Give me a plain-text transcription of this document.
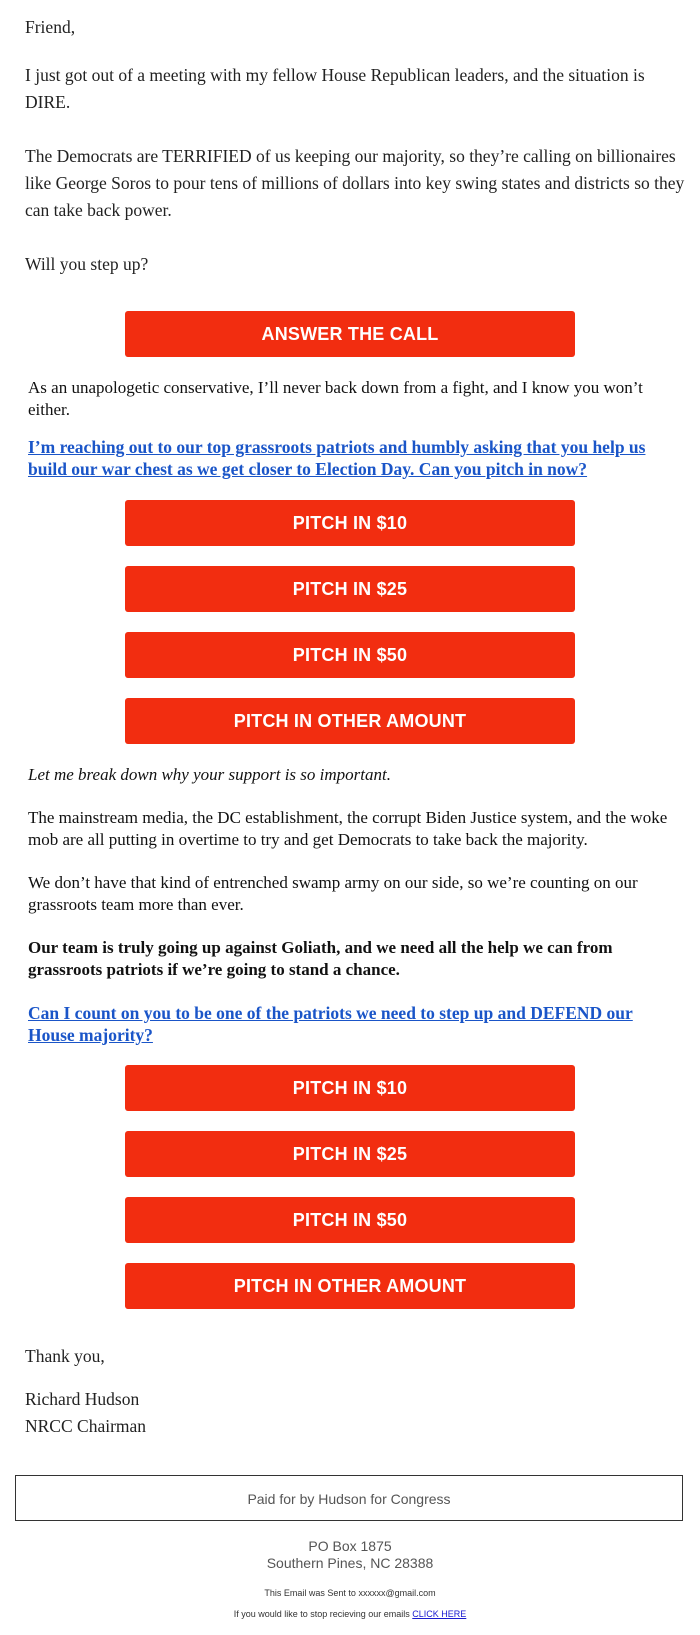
Friend,

I just got out of a meeting with my fellow House Republican leaders, and the situation is DIRE.

The Democrats are TERRIFIED of us keeping our majority, so they’re calling on billionaires like George Soros to pour tens of millions of dollars into key swing states and districts so they can take back power.

Will you step up?

ANSWER THE CALL

As an unapologetic conservative, I’ll never back down from a fight, and I know you won’t either.

I’m reaching out to our top grassroots patriots and humbly asking that you help us build our war chest as we get closer to Election Day. Can you pitch in now?

PITCH IN $10
PITCH IN $25
PITCH IN $50
PITCH IN OTHER AMOUNT

Let me break down why your support is so important.

The mainstream media, the DC establishment, the corrupt Biden Justice system, and the woke mob are all putting in overtime to try and get Democrats to take back the majority.

We don’t have that kind of entrenched swamp army on our side, so we’re counting on our grassroots team more than ever.

Our team is truly going up against Goliath, and we need all the help we can from grassroots patriots if we’re going to stand a chance.

Can I count on you to be one of the patriots we need to step up and DEFEND our House majority?

PITCH IN $10
PITCH IN $25
PITCH IN $50
PITCH IN OTHER AMOUNT

Thank you,

Richard Hudson

NRCC Chairman

Paid for by Hudson for Congress
PO Box 1875
Southern Pines, NC 28388
This Email was Sent to xxxxxx@gmail.com
If you would like to stop recieving our emails CLICK HERE
